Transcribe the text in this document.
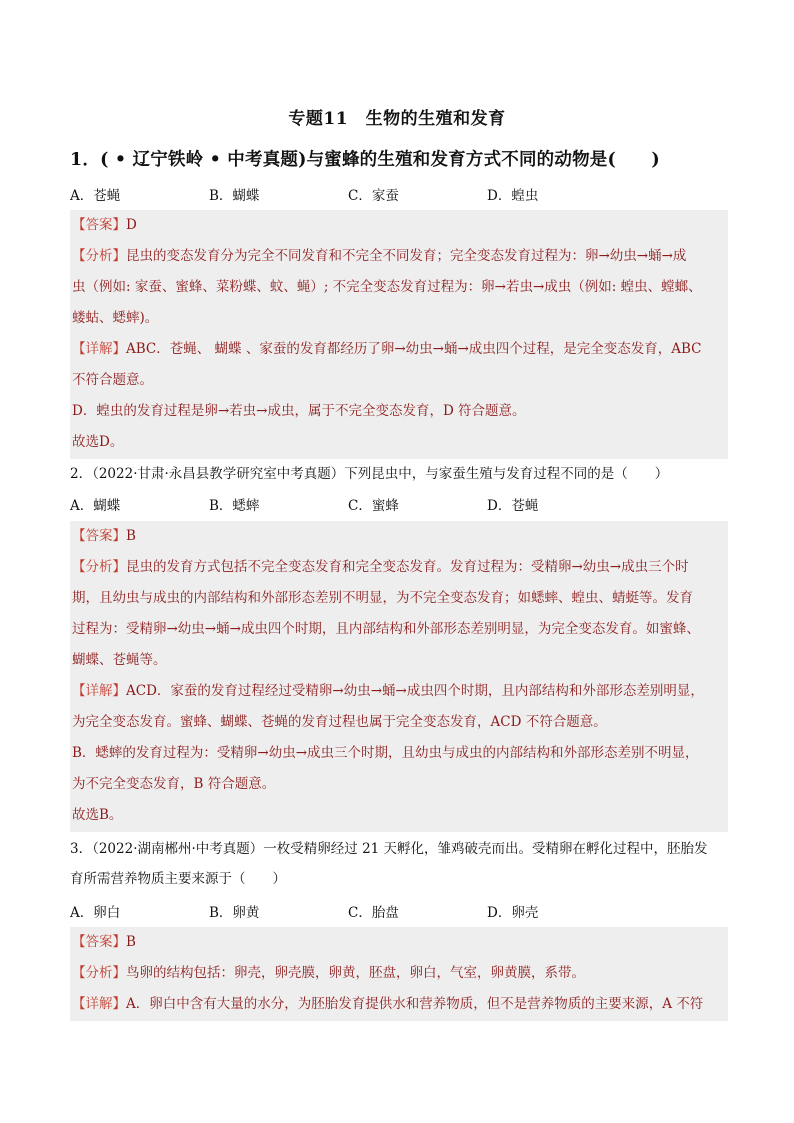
专题11　生物的生殖和发育
1．( • 辽宁铁岭 • 中考真题)与蜜蜂的生殖和发育方式不同的动物是(　　)
A．苍蝇	B．蝴蝶	C．家蚕	D．蝗虫
【答案】D
【分析】昆虫的变态发育分为完全不同发育和不完全不同发育；完全变态发育过程为：卵→幼虫→蛹→成
虫（例如: 家蚕、蜜蜂、菜粉蝶、蚊、蝇）; 不完全变态发育过程为：卵→若虫→成虫（例如: 蝗虫、螳螂、
蝼蛄、蟋蟀)。
【详解】ABC．苍蝇、 蝴蝶 、家蚕的发育都经历了卵→幼虫→蛹→成虫四个过程，是完全变态发育，ABC
不符合题意。
D．蝗虫的发育过程是卵→若虫→成虫，属于不完全变态发育，D 符合题意。
故选D。
2．（2022·甘肃·永昌县教学研究室中考真题）下列昆虫中，与家蚕生殖与发育过程不同的是（　　）
A．蝴蝶	B．蟋蟀	C．蜜蜂	D．苍蝇
【答案】B
【分析】昆虫的发育方式包括不完全变态发育和完全变态发育。发育过程为：受精卵→幼虫→成虫三个时
期，且幼虫与成虫的内部结构和外部形态差别不明显，为不完全变态发育；如蟋蟀、蝗虫、蜻蜓等。发育
过程为：受精卵→幼虫→蛹→成虫四个时期，且内部结构和外部形态差别明显，为完全变态发育。如蜜蜂、
蝴蝶、苍蝇等。
【详解】ACD．家蚕的发育过程经过受精卵→幼虫→蛹→成虫四个时期，且内部结构和外部形态差别明显，
为完全变态发育。蜜蜂、蝴蝶、苍蝇的发育过程也属于完全变态发育，ACD 不符合题意。
B．蟋蟀的发育过程为：受精卵→幼虫→成虫三个时期，且幼虫与成虫的内部结构和外部形态差别不明显，
为不完全变态发育，B 符合题意。
故选B。
3．（2022·湖南郴州·中考真题）一枚受精卵经过 21 天孵化，雏鸡破壳而出。受精卵在孵化过程中，胚胎发
育所需营养物质主要来源于（　　）
A．卵白	B．卵黄	C．胎盘	D．卵壳
【答案】B
【分析】鸟卵的结构包括：卵壳，卵壳膜，卵黄，胚盘，卵白，气室，卵黄膜，系带。
【详解】A．卵白中含有大量的水分，为胚胎发育提供水和营养物质，但不是营养物质的主要来源，A 不符
